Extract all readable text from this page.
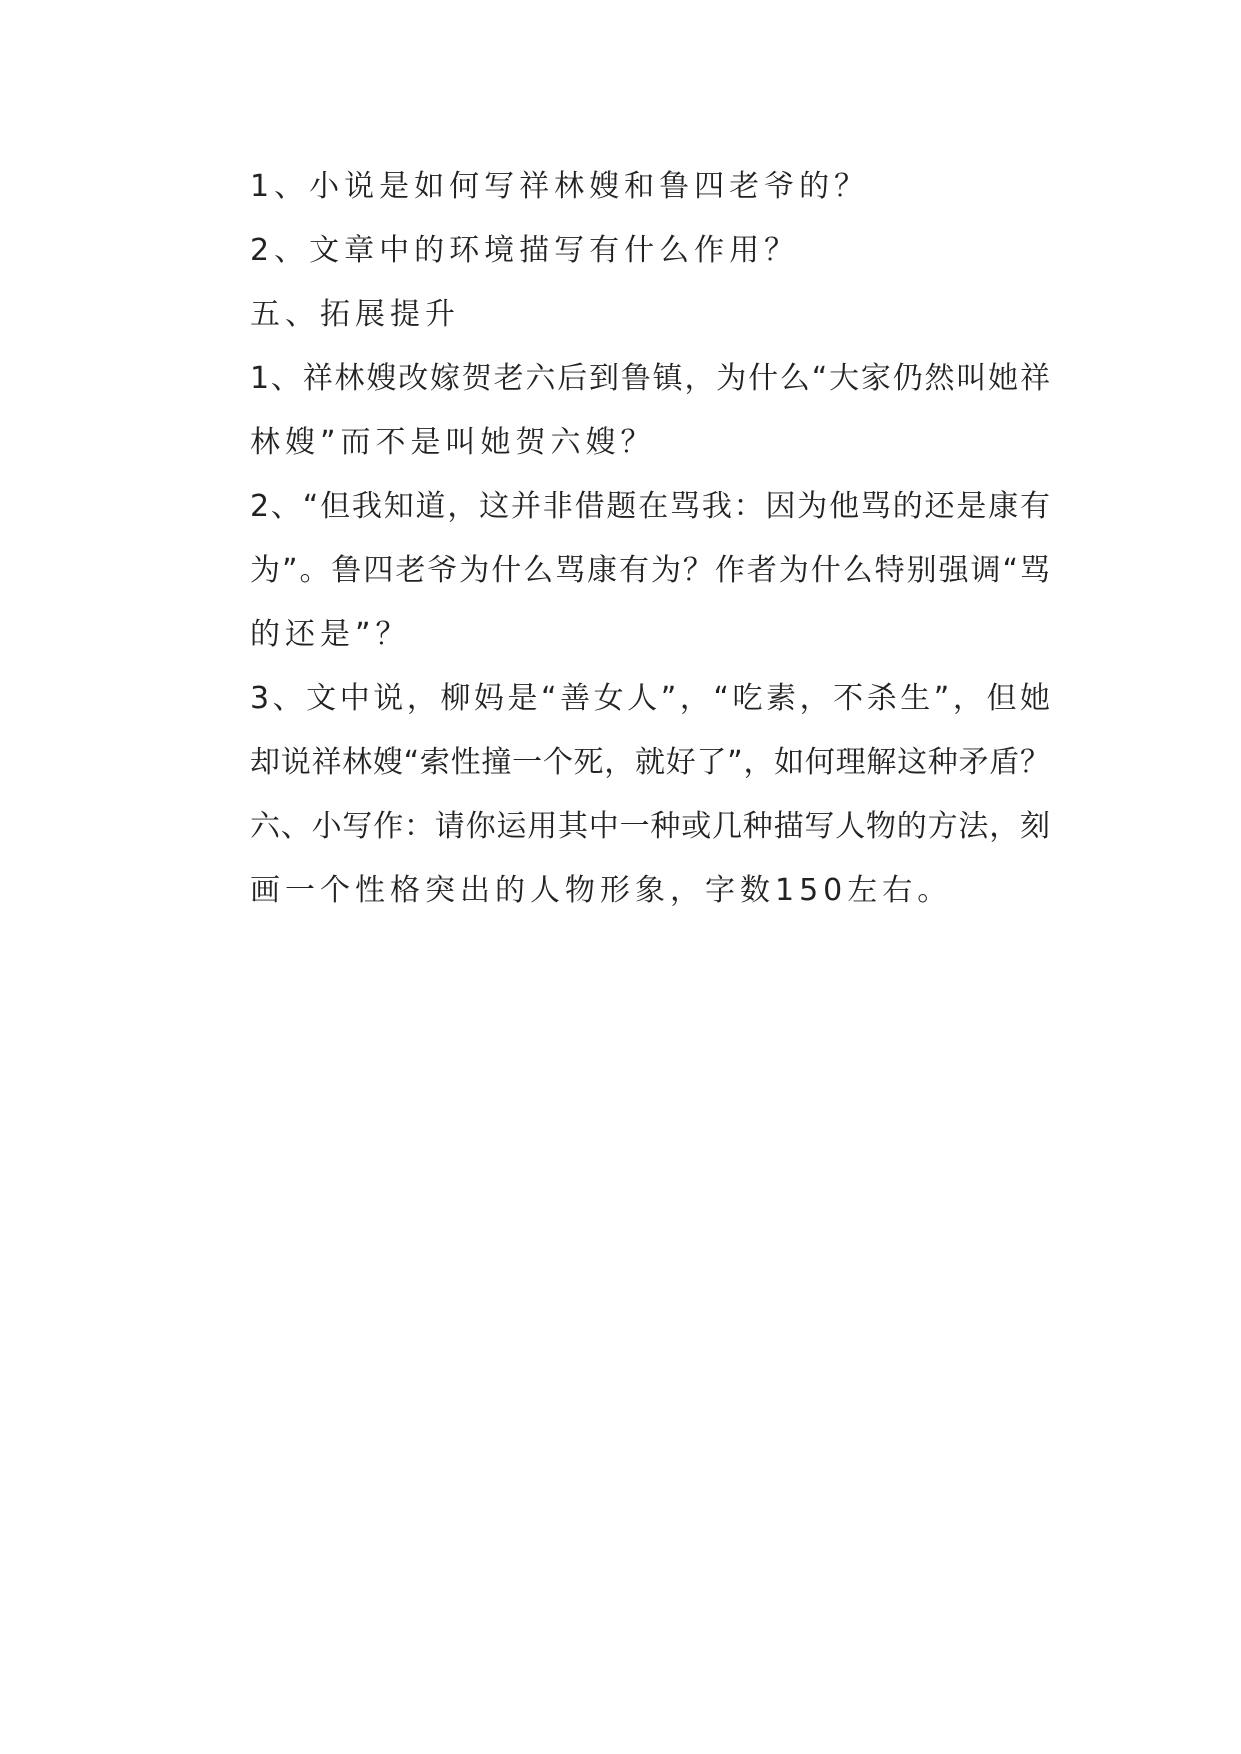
1、小说是如何写祥林嫂和鲁四老爷的？
2、文章中的环境描写有什么作用？
五、拓展提升
1、祥林嫂改嫁贺老六后到鲁镇，为什么“大家仍然叫她祥
林嫂”而不是叫她贺六嫂？
2、“但我知道，这并非借题在骂我：因为他骂的还是康有
为”。鲁四老爷为什么骂康有为？作者为什么特别强调“骂
的还是”？
3、文中说，柳妈是“善女人”，“吃素，不杀生”，但她
却说祥林嫂“索性撞一个死，就好了”，如何理解这种矛盾？
六、小写作：请你运用其中一种或几种描写人物的方法，刻
画一个性格突出的人物形象，字数150左右。
